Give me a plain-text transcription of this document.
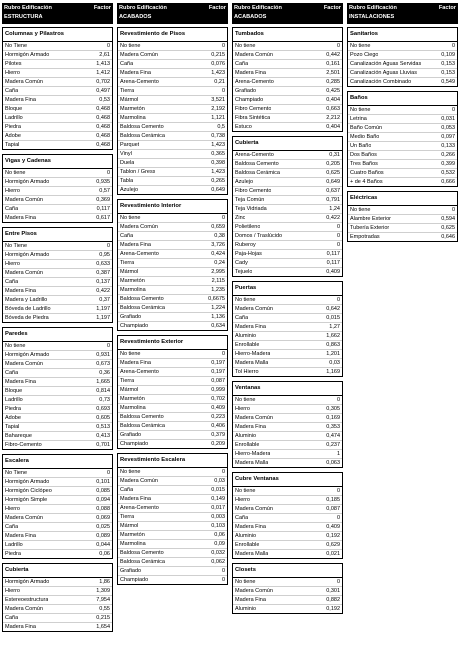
Rubro Edificación
ESTRUCTURA
Factor
Columnas y Pilastros
No Tiene	0
Hormigón Armado	2,61
Pilotes	1,413
Hierro	1,412
Madera Común	0,702
Caña	0,497
Madera Fina	0,53
Bloque	0,468
Ladrillo	0,468
Piedra	0,468
Adobe	0,468
Tapial	0,468
Vigas y Cadenas
No tiene	0
Hormigón Armado	0,935
Hierro	0,57
Madera Común	0,369
Caña	0,117
Madera Fina	0,617
Entre Pisos
No Tiene	0
Hormigón Armado	0,95
Hierro	0,633
Madera Común	0,387
Caña	0,137
Madera Fina	0,422
Madera y Ladrillo	0,37
Bóveda de Ladrillo	1,197
Bóveda de Piedra	1,197
Paredes
No tiene	0
Hormigón Armado	0,931
Madera Común	0,673
Caña	0,36
Madera Fina	1,665
Bloque	0,814
Ladrillo	0,73
Piedra	0,693
Adobe	0,605
Tapial	0,513
Bahareque	0,413
Fibro-Cemento	0,701
Escalera
No Tiene	0
Hormigón Armado	0,101
Hormigón Ciclópeo	0,085
Hormigón Simple	0,094
Hierro	0,088
Madera Común	0,069
Caña	0,025
Madera Fina	0,089
Ladrillo	0,044
Piedra	0,06
Cubierta
Hormigón Armado	1,86
Hierro	1,309
Estereoestructura	7,954
Madera Común	0,55
Caña	0,215
Madera Fina	1,654
Rubro Edificación
ACABADOS
Factor
Revestimiento de Pisos
No tiene	0
Madera Común	0,215
Caña	0,076
Madera Fina	1,423
Arena-Cemento	0,21
Tierra	0
Mármol	3,521
Marmetón	2,192
Marmolina	1,121
Baldosa Cemento	0,5
Baldosa Cerámica	0,738
Parquet	1,423
Vinyl	0,365
Duela	0,398
Tablon / Gress	1,423
Tabla	0,265
Azulejo	0,649
Revestimiento Interior
No tiene	0
Madera Común	0,659
Caña	0,38
Madera Fina	3,726
Arena-Cemento	0,424
Tierra	0,24
Mármol	2,995
Marmetón	2,115
Marmolina	1,235
Baldosa Cemento	0,6675
Baldosa Cerámica	1,224
Grafiado	1,136
Champiado	0,634
Revestimiento Exterior
No tiene	0
Madera Fina	0,197
Arena-Cemento	0,197
Tierra	0,087
Mármol	0,999
Marmetón	0,702
Marmolina	0,409
Baldosa Cemento	0,223
Baldosa Cerámica	0,406
Grafiado	0,379
Champiado	0,209
Revestimiento Escalera
No tiene	0
Madera Común	0,03
Caña	0,015
Madera Fina	0,149
Arena-Cemento	0,017
Tierra	0,003
Mármol	0,103
Marmetón	0,06
Marmolina	0,09
Baldosa Cemento	0,032
Baldosa Cerámica	0,062
Grafiado	0
Champiado	0
Rubro Edificación
ACABADOS
Factor
Tumbados
No tiene	0
Madera Común	0,442
Caña	0,161
Madera Fina	2,501
Arena-Cemento	0,285
Grafiado	0,425
Champiado	0,404
Fibro Cemento	0,663
Fibra Sintética	2,212
Estuco	0,404
Cubierta
Arena-Cemento	0,31
Baldosa Cemento	0,205
Baldosa Cerámica	0,625
Azulejo	0,649
Fibro Cemento	0,637
Teja Común	0,791
Teja Vidriada	1,24
Zinc	0,422
Polietileno	0
Domos / Traslúcido	0
Ruberoy	0
Paja-Hojas	0,117
Cady	0,117
Tejuelo	0,409
Puertas
No tiene	0
Madera Común	0,642
Caña	0,015
Madera Fina	1,27
Aluminio	1,662
Enrollable	0,863
Hierro-Madera	1,201
Madera Malla	0,03
Tol Hierro	1,169
Ventanas
No tiene	0
Hierro	0,305
Madera Común	0,169
Madera Fina	0,353
Aluminio	0,474
Enrollable	0,237
Hierro-Madera	1
Madera Malla	0,063
Cubre Ventanas
No tiene	0
Hierro	0,185
Madera Común	0,087
Caña	0
Madera Fina	0,409
Aluminio	0,192
Enrollable	0,629
Madera Malla	0,021
Closets
No tiene	0
Madera Común	0,301
Madera Fina	0,882
Aluminio	0,192
Rubro Edificación
INSTALACIONES
Factor
Sanitarios
No tiene	0
Pozo Ciego	0,109
Canalización Aguas Servidas	0,153
Canalización Aguas Lluvias	0,153
Canalización Combinado	0,549
Baños
No tiene	0
Letrina	0,031
Baño Común	0,053
Medio Baño	0,097
Un Baño	0,133
Dos Baños	0,266
Tres Baños	0,399
Cuatro Baños	0,532
+ de 4 Baños	0,666
Eléctricas
No tiene	0
Alambre Exterior	0,594
Tubería Exterior	0,625
Empotradas	0,646
